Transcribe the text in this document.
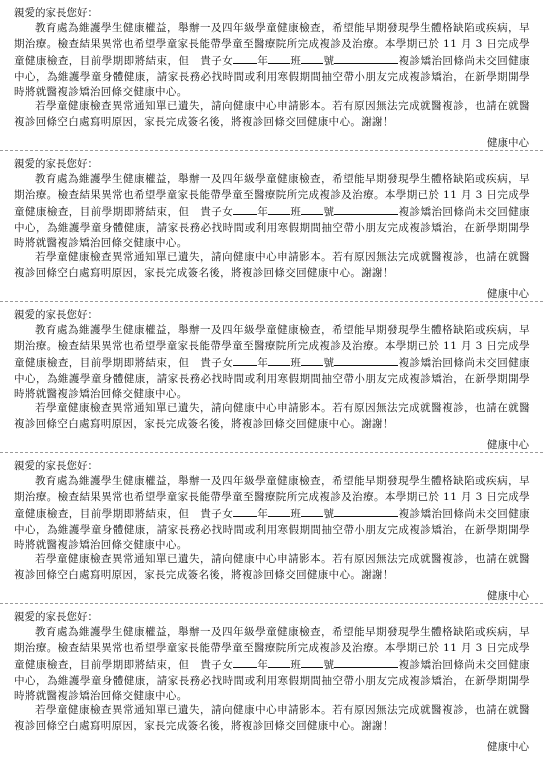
親愛的家長您好：
教育處為維護學生健康權益，舉辦一及四年級學童健康檢查，希望能早期發現學生體格缺陷或疾病，早期治療。檢查結果異常也希望學童家長能帶學童至醫療院所完成複診及治療。本學期已於 11 月 3 日完成學童健康檢查，目前學期即將結束，但　貴子女 年 班 號	複診矯治回條尚未交回健康中心，為維護學童身體健康，請家長務必找時間或利用寒假期間抽空帶小朋友完成複診矯治，在新學期開學時將就醫複診矯治回條交健康中心。
若學童健康檢查異常通知單已遺失，請向健康中心申請影本。若有原因無法完成就醫複診，也請在就醫複診回條空白處寫明原因，家長完成簽名後，將複診回條交回健康中心。謝謝！
健康中心
親愛的家長您好：
教育處為維護學生健康權益，舉辦一及四年級學童健康檢查，希望能早期發現學生體格缺陷或疾病，早期治療。檢查結果異常也希望學童家長能帶學童至醫療院所完成複診及治療。本學期已於 11 月 3 日完成學童健康檢查，目前學期即將結束，但　貴子女 年 班 號	複診矯治回條尚未交回健康中心，為維護學童身體健康，請家長務必找時間或利用寒假期間抽空帶小朋友完成複診矯治，在新學期開學時將就醫複診矯治回條交健康中心。
若學童健康檢查異常通知單已遺失，請向健康中心申請影本。若有原因無法完成就醫複診，也請在就醫複診回條空白處寫明原因，家長完成簽名後，將複診回條交回健康中心。謝謝！
健康中心
親愛的家長您好：
教育處為維護學生健康權益，舉辦一及四年級學童健康檢查，希望能早期發現學生體格缺陷或疾病，早期治療。檢查結果異常也希望學童家長能帶學童至醫療院所完成複診及治療。本學期已於 11 月 3 日完成學童健康檢查，目前學期即將結束，但　貴子女 年 班 號	複診矯治回條尚未交回健康中心，為維護學童身體健康，請家長務必找時間或利用寒假期間抽空帶小朋友完成複診矯治，在新學期開學時將就醫複診矯治回條交健康中心。
若學童健康檢查異常通知單已遺失，請向健康中心申請影本。若有原因無法完成就醫複診，也請在就醫複診回條空白處寫明原因，家長完成簽名後，將複診回條交回健康中心。謝謝！
健康中心
親愛的家長您好：
教育處為維護學生健康權益，舉辦一及四年級學童健康檢查，希望能早期發現學生體格缺陷或疾病，早期治療。檢查結果異常也希望學童家長能帶學童至醫療院所完成複診及治療。本學期已於 11 月 3 日完成學童健康檢查，目前學期即將結束，但　貴子女 年 班 號	複診矯治回條尚未交回健康中心，為維護學童身體健康，請家長務必找時間或利用寒假期間抽空帶小朋友完成複診矯治，在新學期開學時將就醫複診矯治回條交健康中心。
若學童健康檢查異常通知單已遺失，請向健康中心申請影本。若有原因無法完成就醫複診，也請在就醫複診回條空白處寫明原因，家長完成簽名後，將複診回條交回健康中心。謝謝！
健康中心
親愛的家長您好：
教育處為維護學生健康權益，舉辦一及四年級學童健康檢查，希望能早期發現學生體格缺陷或疾病，早期治療。檢查結果異常也希望學童家長能帶學童至醫療院所完成複診及治療。本學期已於 11 月 3 日完成學童健康檢查，目前學期即將結束，但　貴子女 年 班 號	複診矯治回條尚未交回健康中心，為維護學童身體健康，請家長務必找時間或利用寒假期間抽空帶小朋友完成複診矯治，在新學期開學時將就醫複診矯治回條交健康中心。
若學童健康檢查異常通知單已遺失，請向健康中心申請影本。若有原因無法完成就醫複診，也請在就醫複診回條空白處寫明原因，家長完成簽名後，將複診回條交回健康中心。謝謝！
健康中心
